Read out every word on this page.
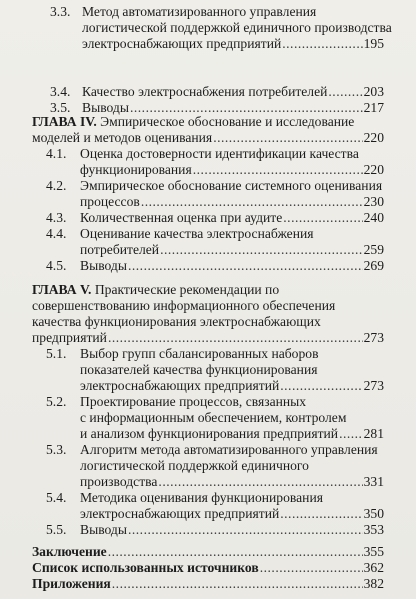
3.3. Метод автоматизированного управления
логистической поддержкой единичного производства
электроснабжающих предприятий .....	195
3.4. Качество электроснабжения потребителей .....	203
3.5. Выводы .....	217
ГЛАВА IV. Эмпирическое обоснование и исследование
моделей и методов оценивания .....	220
4.1. Оценка достоверности идентификации качества
функционирования .....	220
4.2. Эмпирическое обоснование системного оценивания
процессов .....	230
4.3. Количественная оценка при аудите .....	240
4.4. Оценивание качества электроснабжения
потребителей .....	259
4.5. Выводы .....	269
ГЛАВА V. Практические рекомендации по
совершенствованию информационного обеспечения
качества функционирования электроснабжающих
предприятий .....	273
5.1. Выбор групп сбалансированных наборов
показателей качества функционирования
электроснабжающих предприятий .....	273
5.2. Проектирование процессов, связанных
с информационным обеспечением, контролем
и анализом функционирования предприятий ..... 281
5.3. Алгоритм метода автоматизированного управления
логистической поддержкой единичного
производства .....	331
5.4. Методика оценивания функционирования
электроснабжающих предприятий .....	350
5.5. Выводы .....	353
Заключение .....	355
Список использованных источников .....	362
Приложения .....	382
